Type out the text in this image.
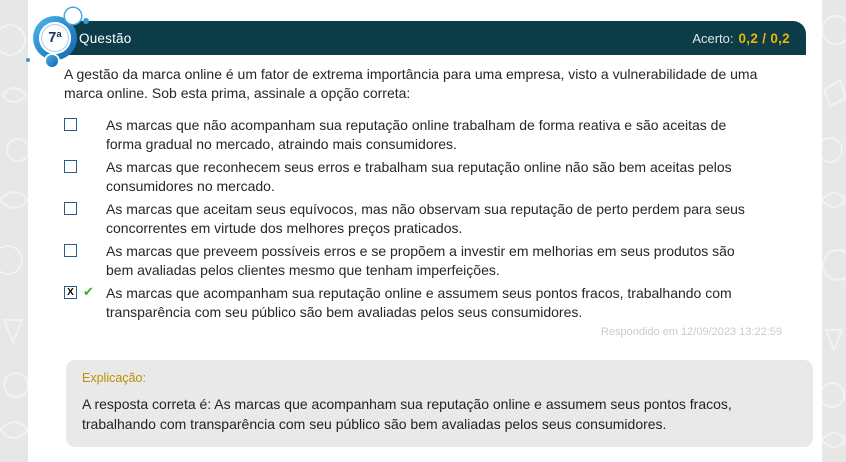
7ª	Questão	Acerto: 0,2 / 0,2
A gestão da marca online é um fator de extrema importância para uma empresa, visto a vulnerabilidade de uma marca online. Sob esta prima, assinale a opção correta:
As marcas que não acompanham sua reputação online trabalham de forma reativa e são aceitas de forma gradual no mercado, atraindo mais consumidores.
As marcas que reconhecem seus erros e trabalham sua reputação online não são bem aceitas pelos consumidores no mercado.
As marcas que aceitam seus equívocos, mas não observam sua reputação de perto perdem para seus concorrentes em virtude dos melhores preços praticados.
As marcas que preveem possíveis erros e se propõem a investir em melhorias em seus produtos são bem avaliadas pelos clientes mesmo que tenham imperfeições.
X ✔ As marcas que acompanham sua reputação online e assumem seus pontos fracos, trabalhando com transparência com seu público são bem avaliadas pelos seus consumidores.
Respondido em 12/09/2023 13:22:59
Explicação:
A resposta correta é: As marcas que acompanham sua reputação online e assumem seus pontos fracos, trabalhando com transparência com seu público são bem avaliadas pelos seus consumidores.
